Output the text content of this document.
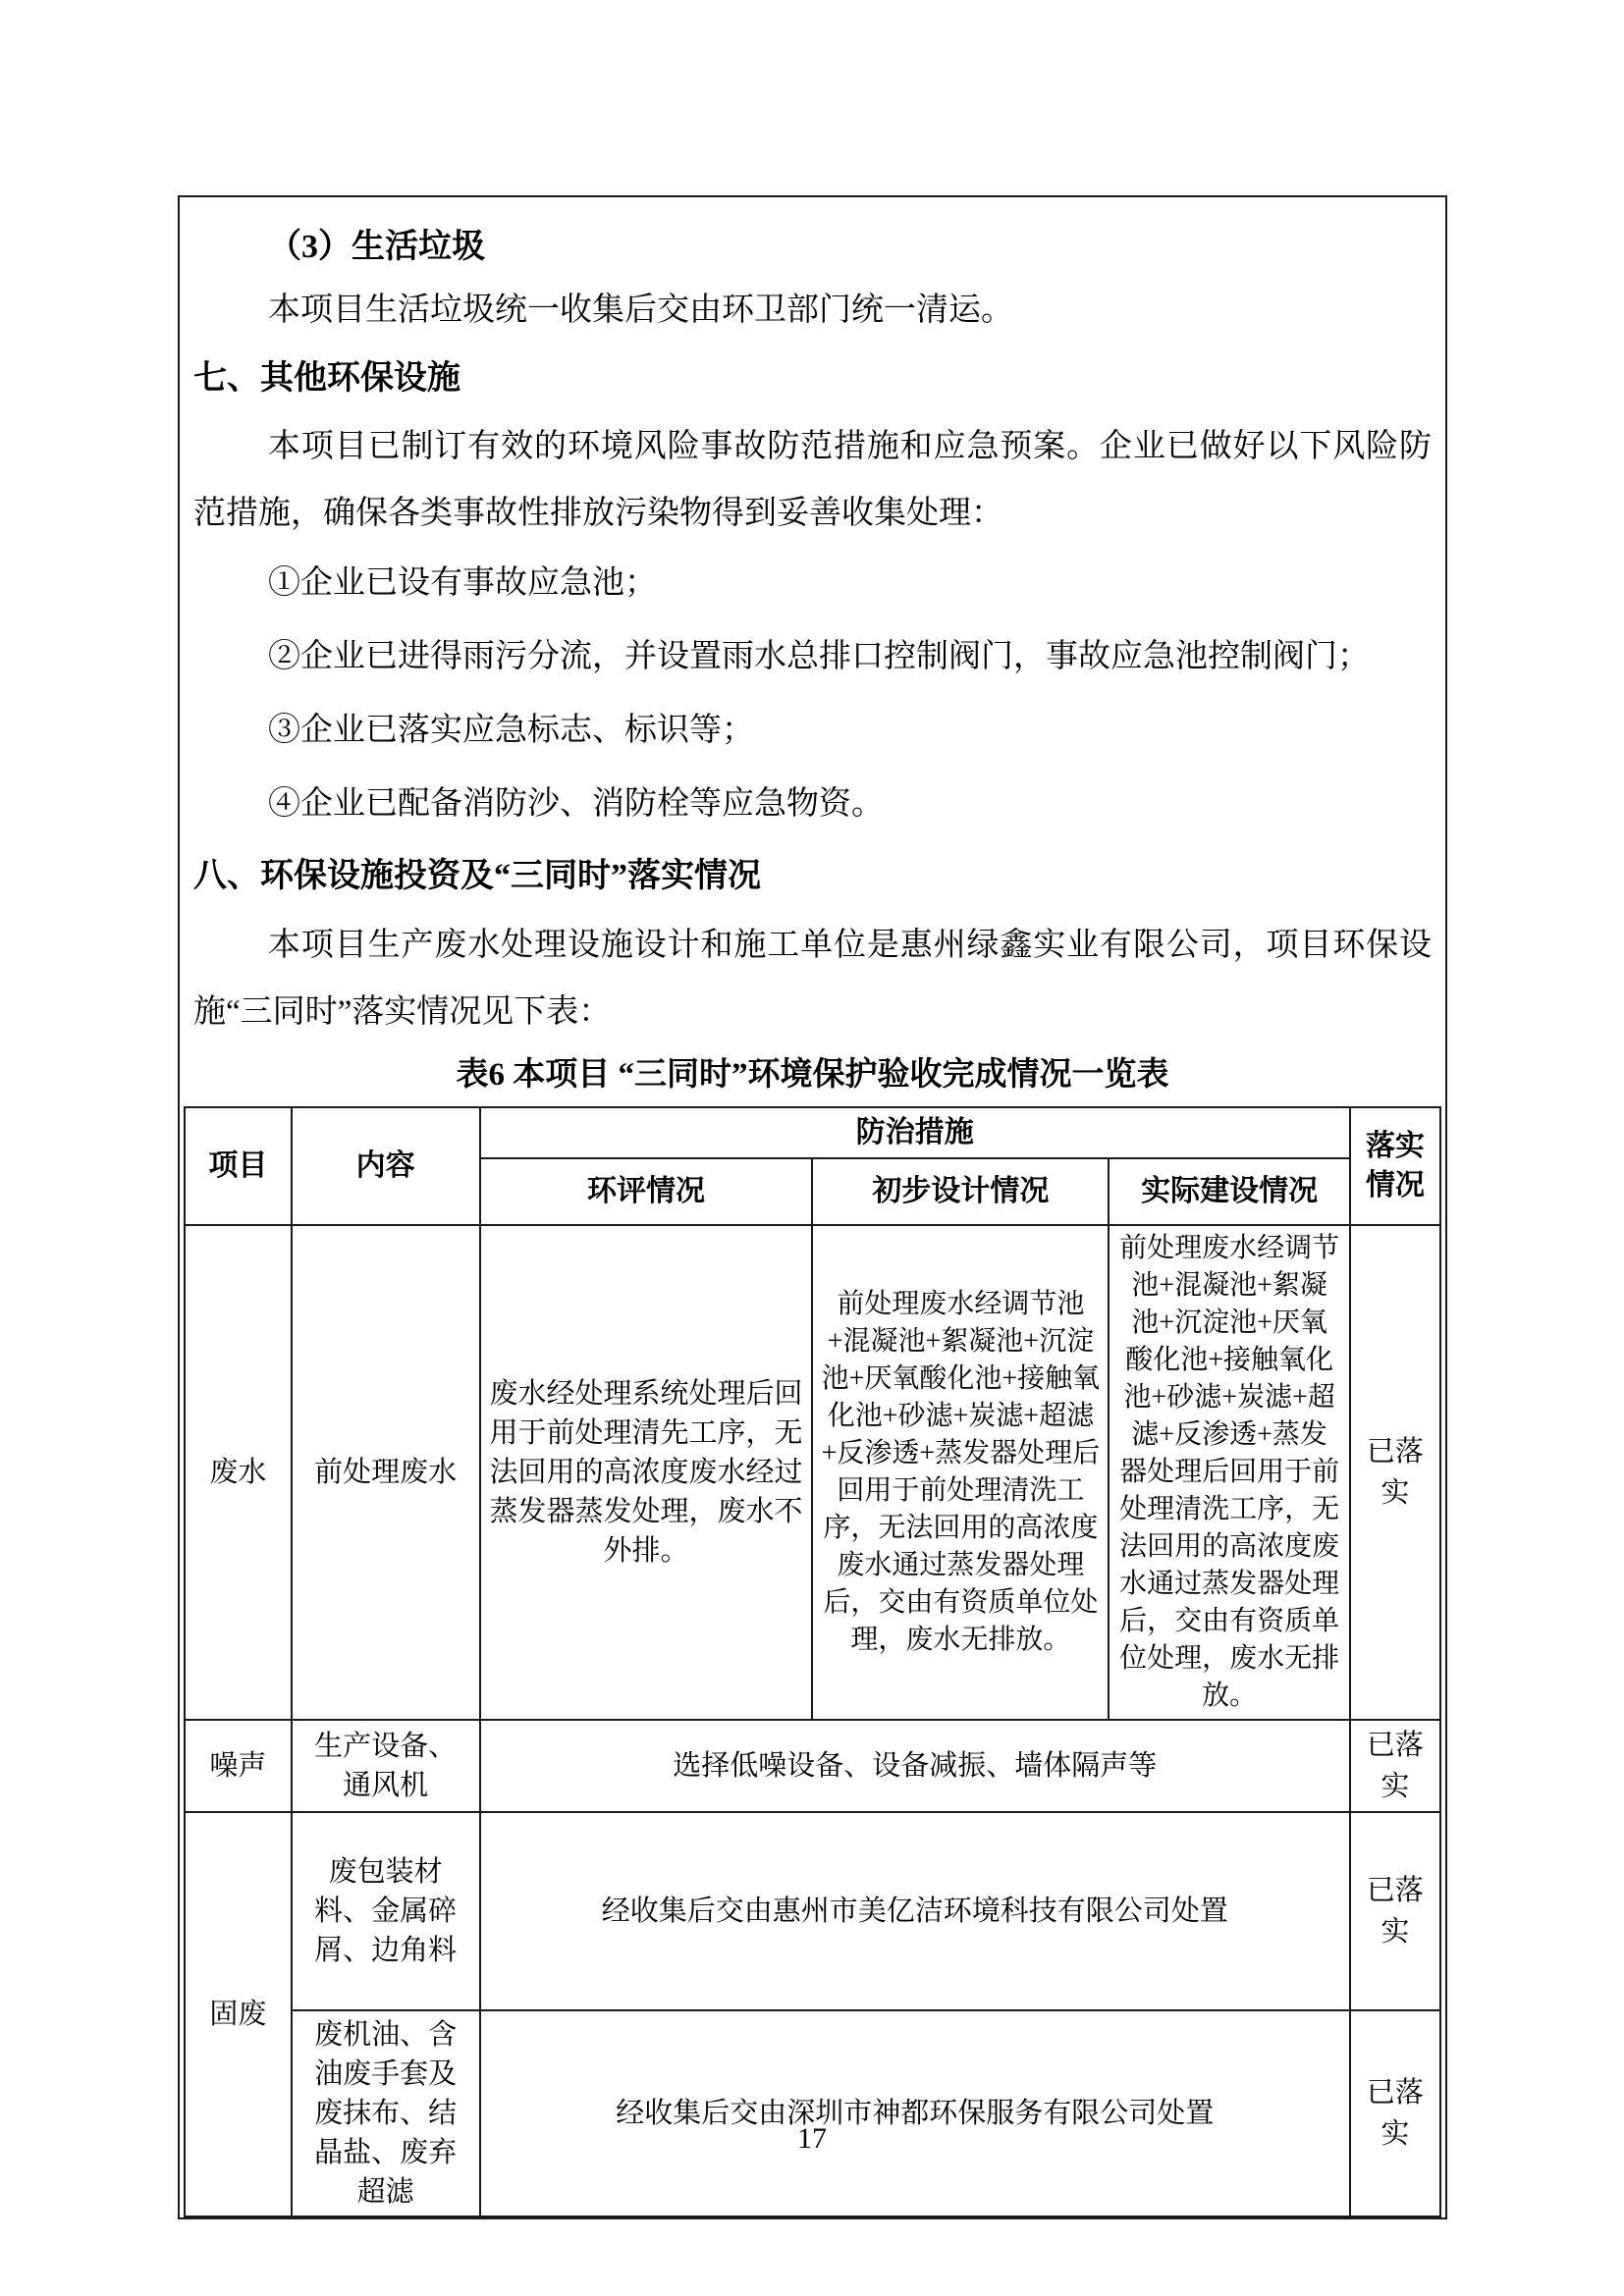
（3）生活垃圾

本项目生活垃圾统一收集后交由环卫部门统一清运。

七、其他环保设施

本项目已制订有效的环境风险事故防范措施和应急预案。企业已做好以下风险防范措施，确保各类事故性排放污染物得到妥善收集处理：

①企业已设有事故应急池；

②企业已进得雨污分流，并设置雨水总排口控制阀门，事故应急池控制阀门；

③企业已落实应急标志、标识等；

④企业已配备消防沙、消防栓等应急物资。

八、环保设施投资及“三同时”落实情况

本项目生产废水处理设施设计和施工单位是惠州绿鑫实业有限公司，项目环保设施“三同时”落实情况见下表：

表6 本项目 “三同时”环境保护验收完成情况一览表

项目	内容	防治措施			落实情况
		环评情况	初步设计情况	实际建设情况	
废水	前处理废水	废水经处理系统处理后回用于前处理清先工序，无法回用的高浓度废水经过蒸发器蒸发处理，废水不外排。	前处理废水经调节池+混凝池+絮凝池+沉淀池+厌氧酸化池+接触氧化池+砂滤+炭滤+超滤+反渗透+蒸发器处理后回用于前处理清洗工序，无法回用的高浓度废水通过蒸发器处理后，交由有资质单位处理，废水无排放。	前处理废水经调节池+混凝池+絮凝池+沉淀池+厌氧酸化池+接触氧化池+砂滤+炭滤+超滤+反渗透+蒸发器处理后回用于前处理清洗工序，无法回用的高浓度废水通过蒸发器处理后，交由有资质单位处理，废水无排放。	已落实
噪声	生产设备、通风机	选择低噪设备、设备减振、墙体隔声等			已落实
固废	废包装材料、金属碎屑、边角料	经收集后交由惠州市美亿洁环境科技有限公司处置			已落实
	废机油、含油废手套及废抹布、结晶盐、废弃超滤	经收集后交由深圳市神都环保服务有限公司处置			已落实
17
